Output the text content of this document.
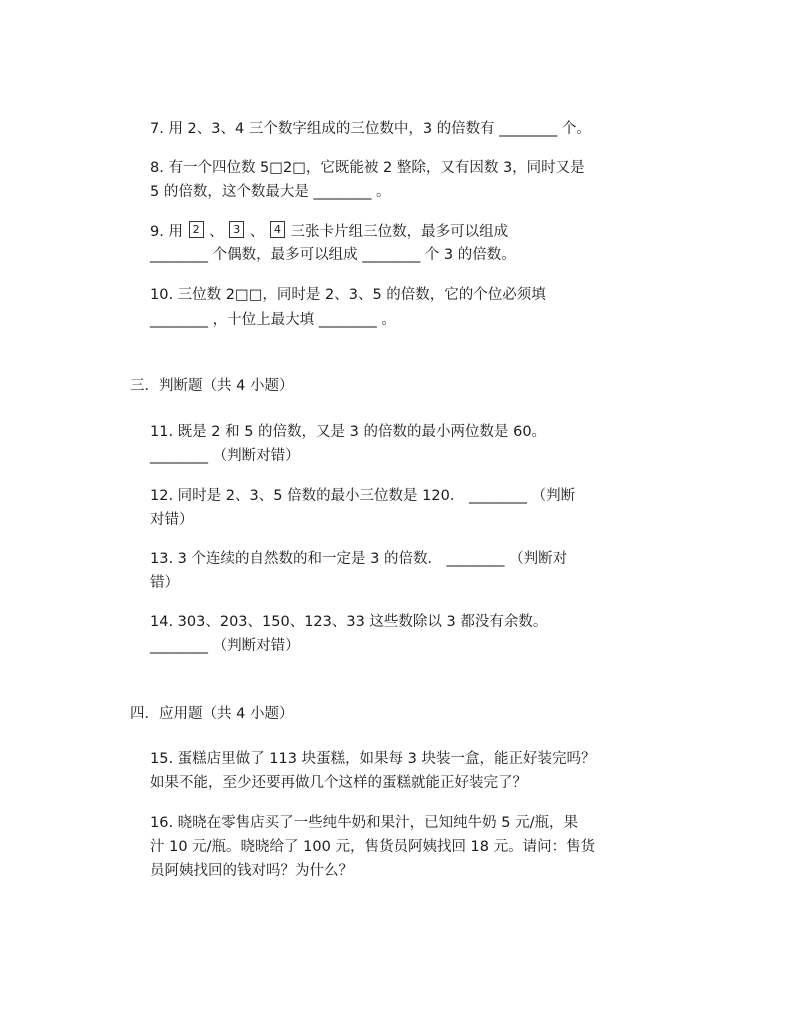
7. 用 2、3、4 三个数字组成的三位数中，3 的倍数有 ________ 个。
8. 有一个四位数 5□2□，它既能被 2 整除，又有因数 3，同时又是
5 的倍数，这个数最大是 ________ 。
9. 用 2 、 3 、 4 三张卡片组三位数，最多可以组成
________ 个偶数，最多可以组成 ________ 个 3 的倍数。
10. 三位数 2□□，同时是 2、3、5 的倍数，它的个位必须填
________ ，十位上最大填 ________ 。
三．判断题（共 4 小题）
11. 既是 2 和 5 的倍数，又是 3 的倍数的最小两位数是 60。
________ （判断对错）
12. 同时是 2、3、5 倍数的最小三位数是 120． ________ （判断
对错）
13. 3 个连续的自然数的和一定是 3 的倍数． ________ （判断对
错）
14. 303、203、150、123、33 这些数除以 3 都没有余数。
________ （判断对错）
四．应用题（共 4 小题）
15. 蛋糕店里做了 113 块蛋糕，如果每 3 块装一盒，能正好装完吗？
如果不能，至少还要再做几个这样的蛋糕就能正好装完了？
16. 晓晓在零售店买了一些纯牛奶和果汁，已知纯牛奶 5 元/瓶，果
汁 10 元/瓶。晓晓给了 100 元，售货员阿姨找回 18 元。请问：售货
员阿姨找回的钱对吗？为什么？
